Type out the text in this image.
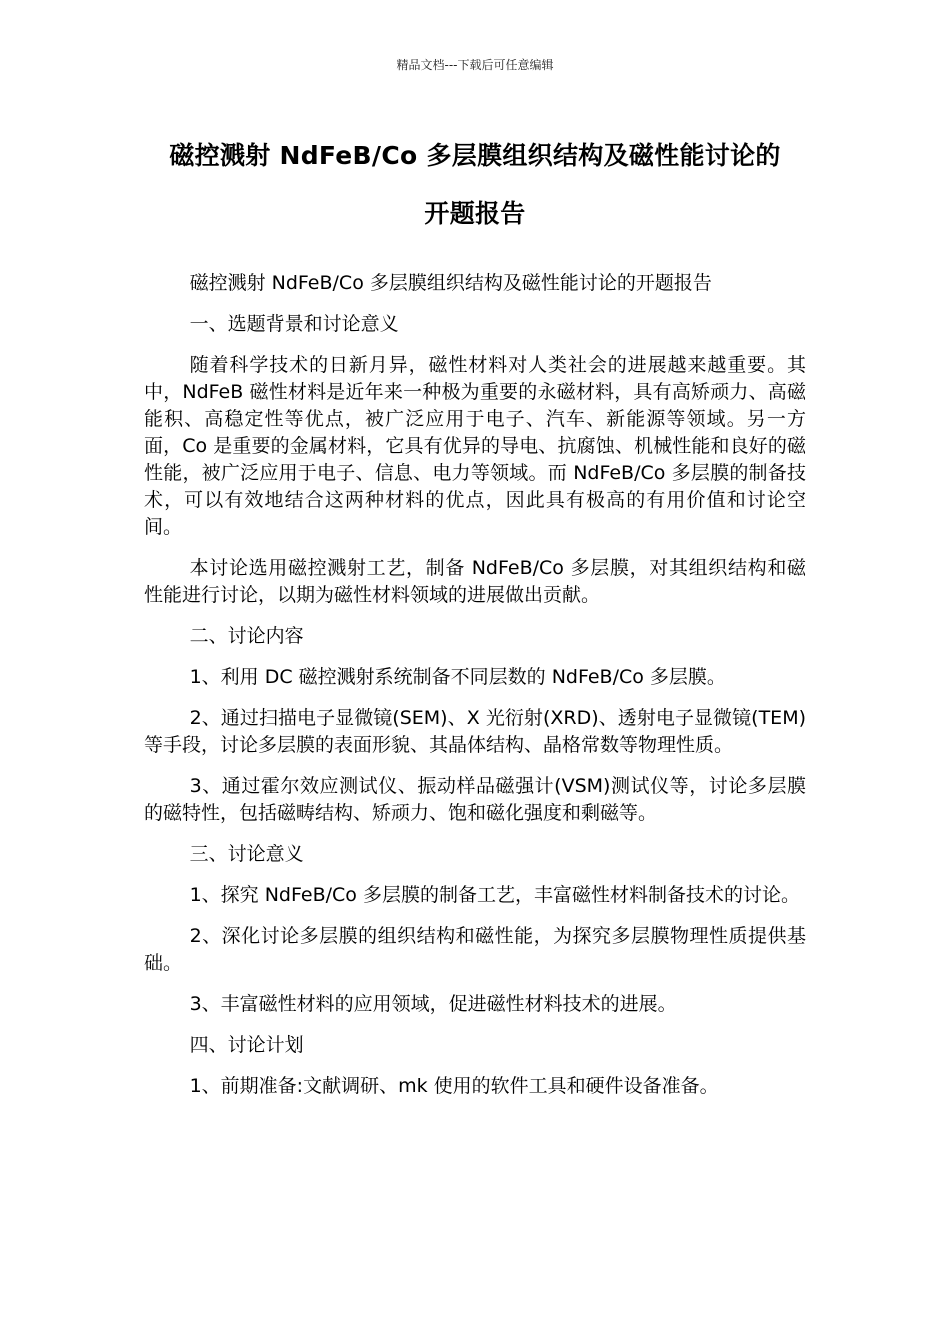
精品文档---下载后可任意编辑
磁控溅射 NdFeB/Co 多层膜组织结构及磁性能讨论的
开题报告

磁控溅射 NdFeB/Co 多层膜组织结构及磁性能讨论的开题报告

一、选题背景和讨论意义

随着科学技术的日新月异，磁性材料对人类社会的进展越来越重要。其中，NdFeB 磁性材料是近年来一种极为重要的永磁材料，具有高矫顽力、高磁能积、高稳定性等优点，被广泛应用于电子、汽车、新能源等领域。另一方面，Co 是重要的金属材料，它具有优异的导电、抗腐蚀、机械性能和良好的磁性能，被广泛应用于电子、信息、电力等领域。而 NdFeB/Co 多层膜的制备技术，可以有效地结合这两种材料的优点，因此具有极高的有用价值和讨论空间。

本讨论选用磁控溅射工艺，制备 NdFeB/Co 多层膜，对其组织结构和磁性能进行讨论，以期为磁性材料领域的进展做出贡献。

二、讨论内容

1、利用 DC 磁控溅射系统制备不同层数的 NdFeB/Co 多层膜。

2、通过扫描电子显微镜(SEM)、X 光衍射(XRD)、透射电子显微镜(TEM)等手段，讨论多层膜的表面形貌、其晶体结构、晶格常数等物理性质。

3、通过霍尔效应测试仪、振动样品磁强计(VSM)测试仪等，讨论多层膜的磁特性，包括磁畴结构、矫顽力、饱和磁化强度和剩磁等。

三、讨论意义

1、探究 NdFeB/Co 多层膜的制备工艺，丰富磁性材料制备技术的讨论。

2、深化讨论多层膜的组织结构和磁性能，为探究多层膜物理性质提供基础。

3、丰富磁性材料的应用领域，促进磁性材料技术的进展。

四、讨论计划

1、前期准备:文献调研、mk 使用的软件工具和硬件设备准备。
